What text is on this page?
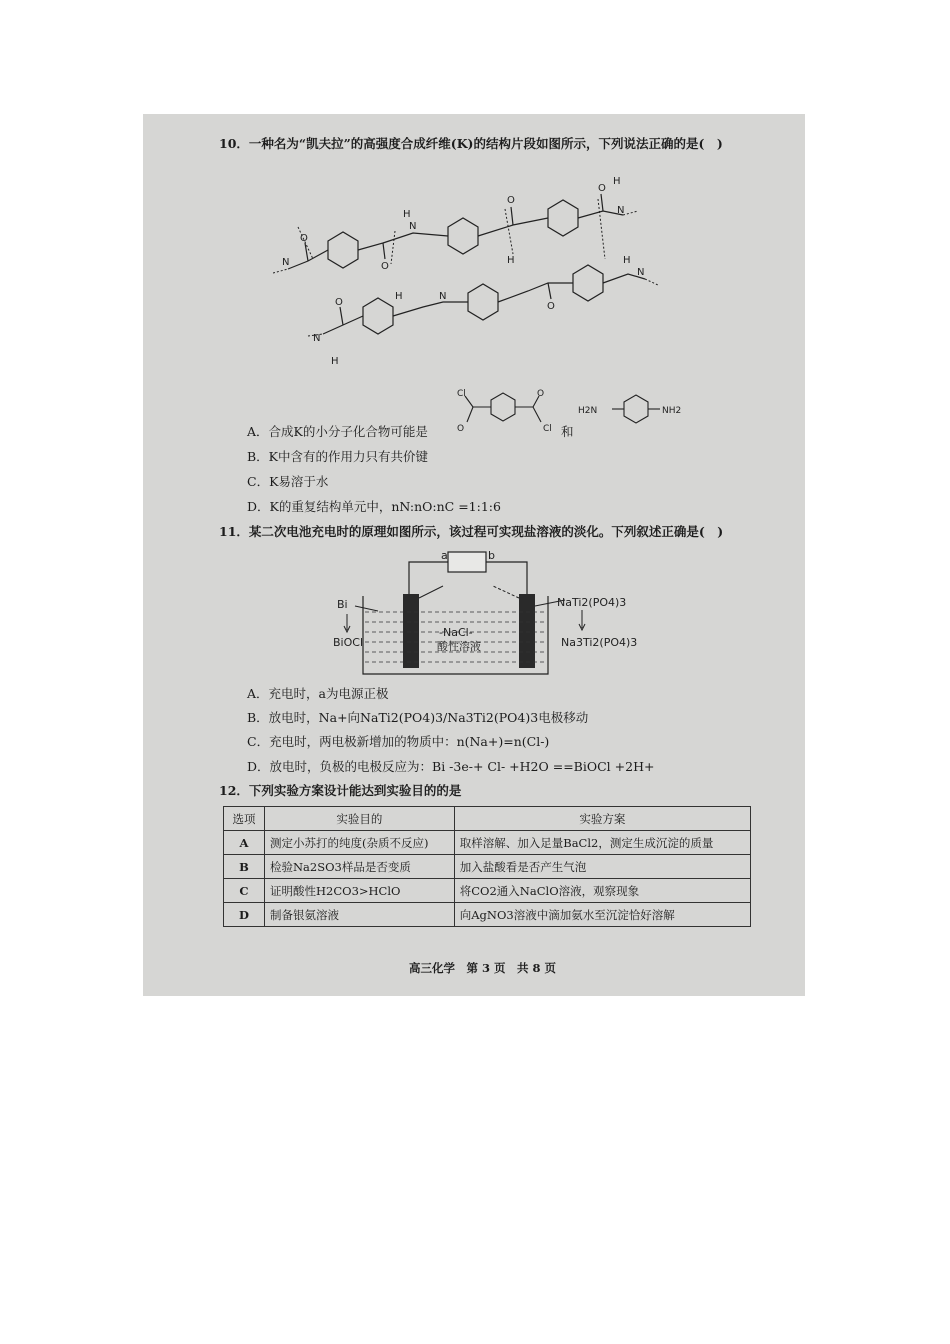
10．一种名为“凯夫拉”的高强度合成纤维(K)的结构片段如图所示，下列说法正确的是(　)
N
O
O
N
H
O
H
O
N
H
O
H	N
O
N
H
H
N
Cl
O
O
Cl
H2N	NH2
A．合成K的小分子化合物可能是	和
B．K中含有的作用力只有共价键
C．K易溶于水
D．K的重复结构单元中，nN:nO:nC =1:1:6
11．某二次电池充电时的原理如图所示，该过程可实现盐溶液的淡化。下列叙述正确是(　)
a	b
Bi
BiOCl
NaTi2(PO4)3
Na3Ti2(PO4)3
-NaCl-
酸性溶液
A．充电时，a为电源正极
B．放电时，Na+向NaTi2(PO4)3/Na3Ti2(PO4)3电极移动
C．充电时，两电极新增加的物质中：n(Na+)=n(Cl-)
D．放电时，负极的电极反应为：Bi -3e-+ Cl- +H2O ==BiOCl +2H+
12．下列实验方案设计能达到实验目的的是
选项	实验目的	实验方案
A	测定小苏打的纯度(杂质不反应)	取样溶解、加入足量BaCl2，测定生成沉淀的质量
B	检验Na2SO3样品是否变质	加入盐酸看是否产生气泡
C	证明酸性H2CO3>HClO	将CO2通入NaClO溶液，观察现象
D	制备银氨溶液	向AgNO3溶液中滴加氨水至沉淀恰好溶解
高三化学　第 3 页　共 8 页
